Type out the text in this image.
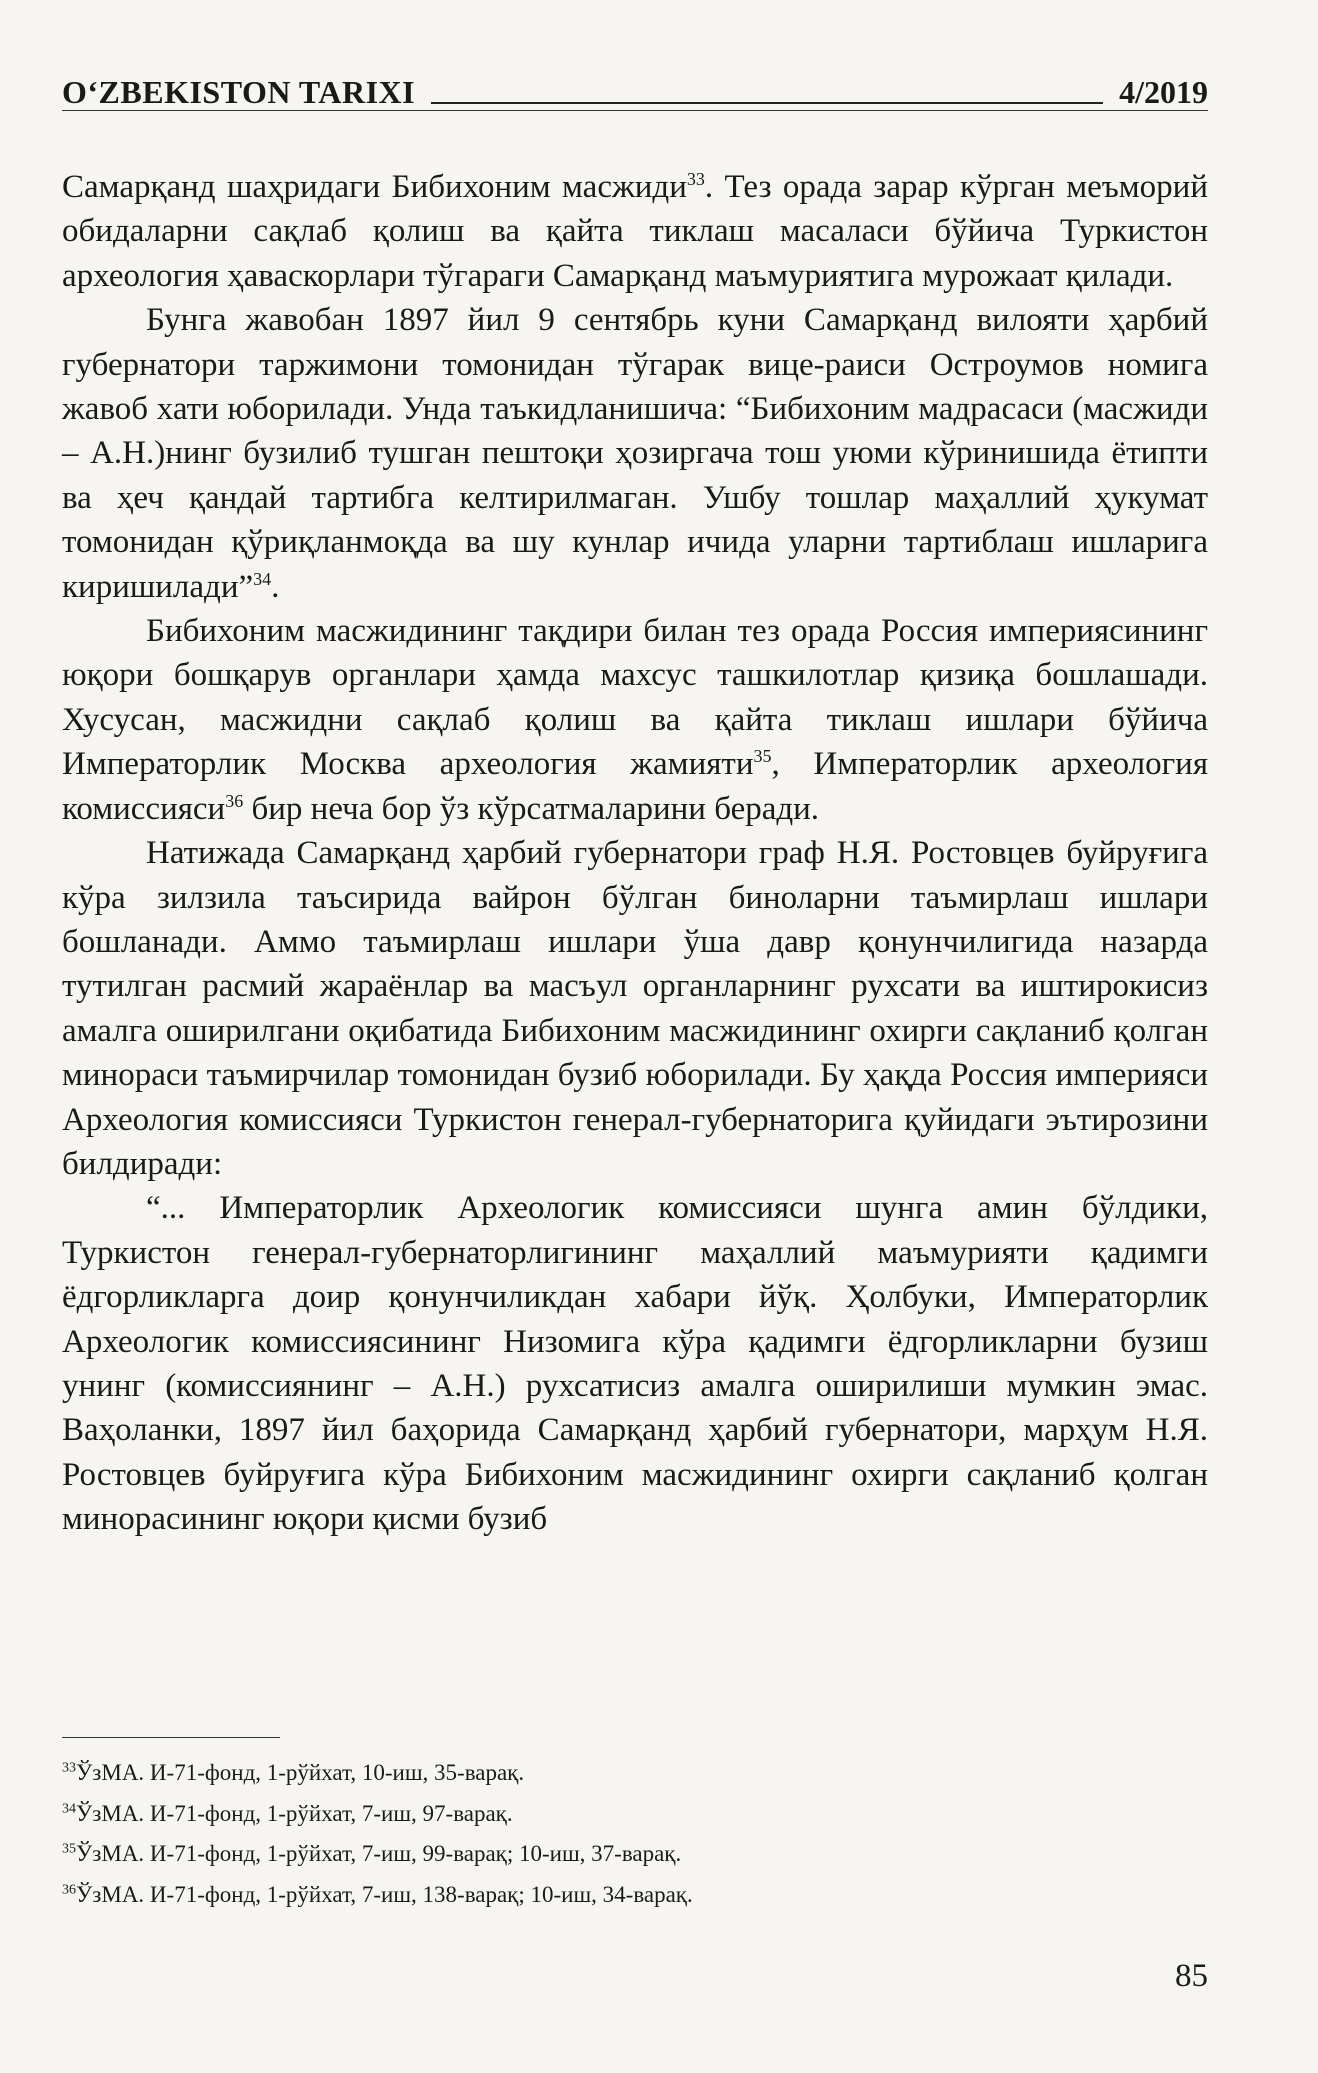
O‘ZBEKISTON TARIXI	4/2019

Самарқанд шаҳридаги Бибихоним масжиди$^{33}$. Тез орада зарар кўрган меъморий обидаларни сақлаб қолиш ва қайта тиклаш масаласи бўйича Туркистон археология ҳаваскорлари тўгараги Самарқанд маъмуриятига мурожаат қилади.

Бунга жавобан 1897 йил 9 сентябрь куни Самарқанд вилояти ҳарбий губернатори таржимони томонидан тўгарак вице-раиси Остроумов номига жавоб хати юборилади. Унда таъкидланишича: “Бибихоним мадрасаси (масжиди – А.Н.)нинг бузилиб тушган пештоқи ҳозиргача тош уюми кўринишида ётипти ва ҳеч қандай тартибга келтирилмаган. Ушбу тошлар маҳаллий ҳукумат томонидан қўриқланмоқда ва шу кунлар ичида уларни тартиблаш ишларига киришилади”$^{34}$.

Бибихоним масжидининг тақдири билан тез орада Россия империясининг юқори бошқарув органлари ҳамда махсус ташкилотлар қизиқа бошлашади. Хусусан, масжидни сақлаб қолиш ва қайта тиклаш ишлари бўйича Императорлик Москва археология жамияти$^{35}$, Императорлик археология комиссияси$^{36}$ бир неча бор ўз кўрсатмаларини беради.

Натижада Самарқанд ҳарбий губернатори граф Н.Я. Ростовцев буйруғига кўра зилзила таъсирида вайрон бўлган биноларни таъмирлаш ишлари бошланади. Аммо таъмирлаш ишлари ўша давр қонунчилигида назарда тутилган расмий жараёнлар ва масъул органларнинг рухсати ва иштирокисиз амалга оширилгани оқибатида Бибихоним масжидининг охирги сақланиб қолган минораси таъмирчилар томонидан бузиб юборилади. Бу ҳақда Россия империяси Археология комиссияси Туркистон генерал-губернаторига қуйидаги эътирозини билдиради:

“... Императорлик Археологик комиссияси шунга амин бўлдики, Туркистон генерал-губернаторлигининг маҳаллий маъмурияти қадимги ёдгорликларга доир қонунчиликдан хабари йўқ. Ҳолбуки, Императорлик Археологик комиссиясининг Низомига кўра қадимги ёдгорликларни бузиш унинг (комиссиянинг – А.Н.) рухсатисиз амалга оширилиши мумкин эмас. Ваҳоланки, 1897 йил баҳорида Самарқанд ҳарбий губернатори, марҳум Н.Я. Ростовцев буйруғига кўра Бибихоним масжидининг охирги сақланиб қолган минорасининг юқори қисми бузиб

$^{33}$ЎзМА. И-71-фонд, 1-рўйхат, 10-иш, 35-варақ.
$^{34}$ЎзМА. И-71-фонд, 1-рўйхат, 7-иш, 97-варақ.
$^{35}$ЎзМА. И-71-фонд, 1-рўйхат, 7-иш, 99-варақ; 10-иш, 37-варақ.
$^{36}$ЎзМА. И-71-фонд, 1-рўйхат, 7-иш, 138-варақ; 10-иш, 34-варақ.
85
